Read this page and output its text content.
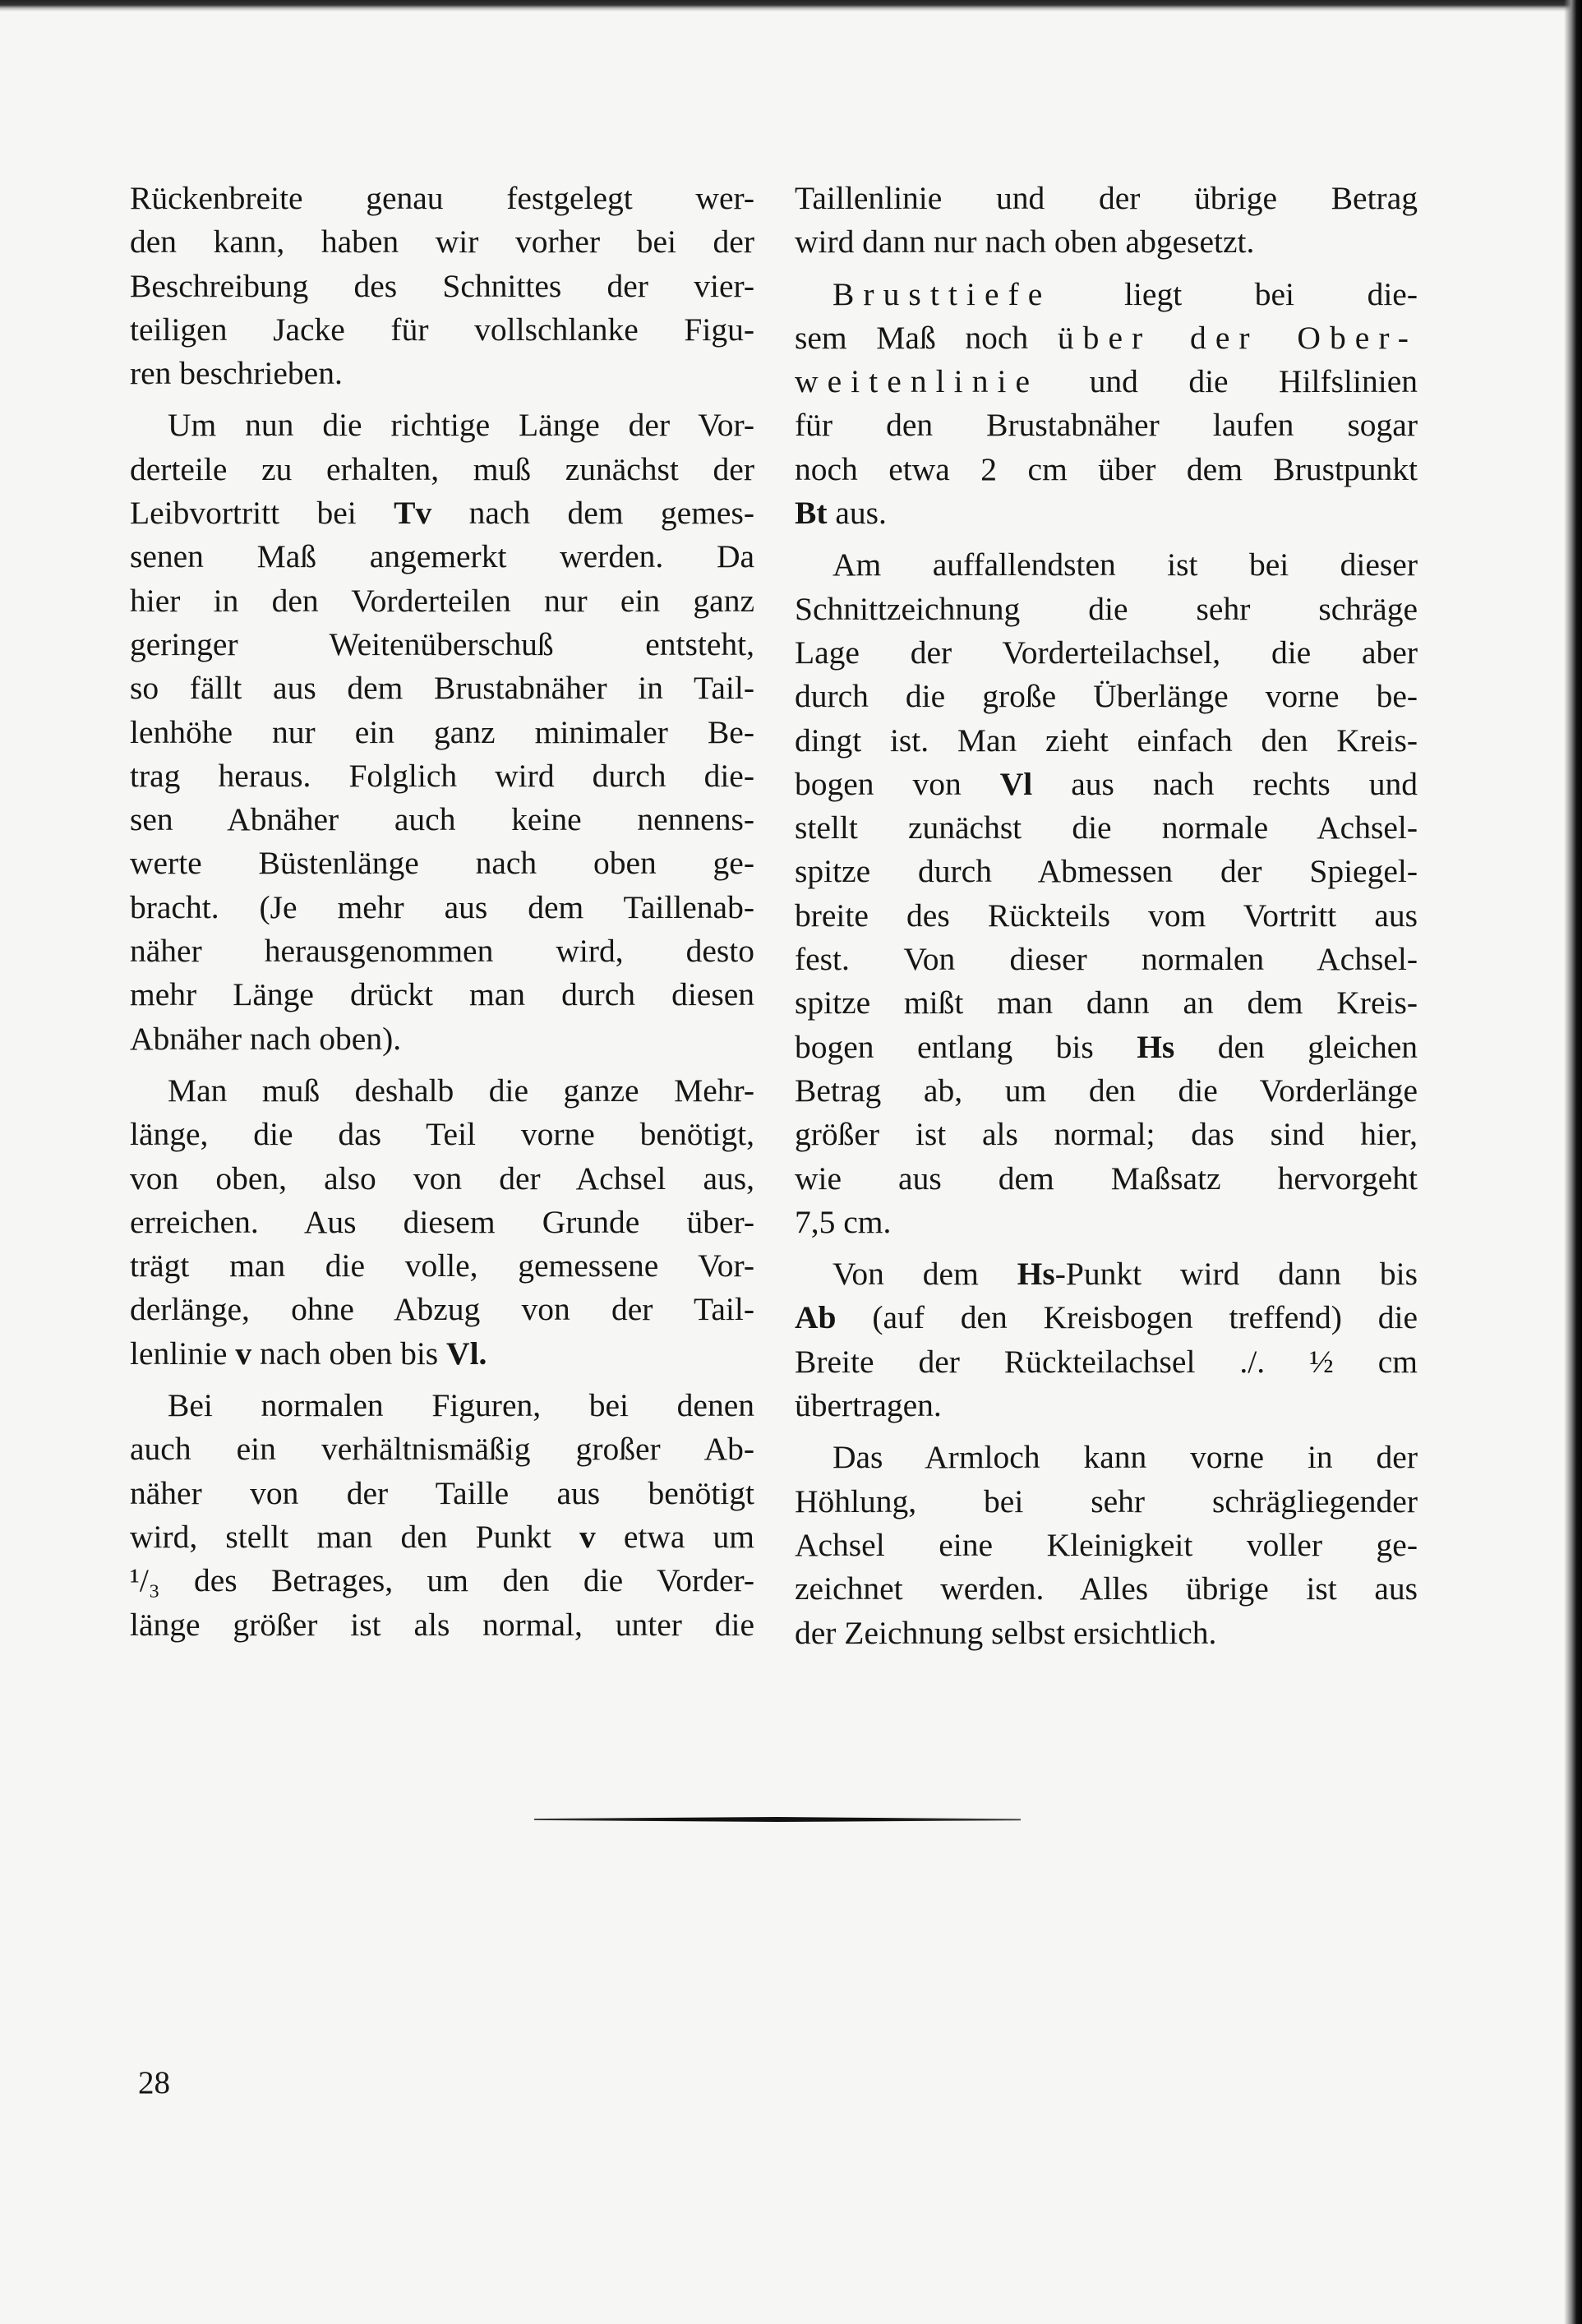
Rückenbreite genau festgelegt wer-
den kann, haben wir vorher bei der
Beschreibung des Schnittes der vier-
teiligen Jacke für vollschlanke Figu-
ren beschrieben.
Um nun die richtige Länge der Vor-
derteile zu erhalten, muß zunächst der
Leibvortritt bei Tv nach dem gemes-
senen Maß angemerkt werden. Da
hier in den Vorderteilen nur ein ganz
geringer Weitenüberschuß entsteht,
so fällt aus dem Brustabnäher in Tail-
lenhöhe nur ein ganz minimaler Be-
trag heraus. Folglich wird durch die-
sen Abnäher auch keine nennens-
werte Büstenlänge nach oben ge-
bracht. (Je mehr aus dem Taillenab-
näher herausgenommen wird, desto
mehr Länge drückt man durch diesen
Abnäher nach oben).
Man muß deshalb die ganze Mehr-
länge, die das Teil vorne benötigt,
von oben, also von der Achsel aus,
erreichen. Aus diesem Grunde über-
trägt man die volle, gemessene Vor-
derlänge, ohne Abzug von der Tail-
lenlinie v nach oben bis Vl.
Bei normalen Figuren, bei denen
auch ein verhältnismäßig großer Ab-
näher von der Taille aus benötigt
wird, stellt man den Punkt v etwa um
¹/₃ des Betrages, um den die Vorder-
länge größer ist als normal, unter die
Taillenlinie und der übrige Betrag
wird dann nur nach oben abgesetzt.
Brusttiefe liegt bei die-
sem Maß noch über der Ober-
weitenlinie und die Hilfslinien
für den Brustabnäher laufen sogar
noch etwa 2 cm über dem Brustpunkt
Bt aus.
Am auffallendsten ist bei dieser
Schnittzeichnung die sehr schräge
Lage der Vorderteilachsel, die aber
durch die große Überlänge vorne be-
dingt ist. Man zieht einfach den Kreis-
bogen von Vl aus nach rechts und
stellt zunächst die normale Achsel-
spitze durch Abmessen der Spiegel-
breite des Rückteils vom Vortritt aus
fest. Von dieser normalen Achsel-
spitze mißt man dann an dem Kreis-
bogen entlang bis Hs den gleichen
Betrag ab, um den die Vorderlänge
größer ist als normal; das sind hier,
wie aus dem Maßsatz hervorgeht
7,5 cm.
Von dem Hs-Punkt wird dann bis
Ab (auf den Kreisbogen treffend) die
Breite der Rückteilachsel ./. ½ cm
übertragen.
Das Armloch kann vorne in der
Höhlung, bei sehr schrägliegender
Achsel eine Kleinigkeit voller ge-
zeichnet werden. Alles übrige ist aus
der Zeichnung selbst ersichtlich.
28
